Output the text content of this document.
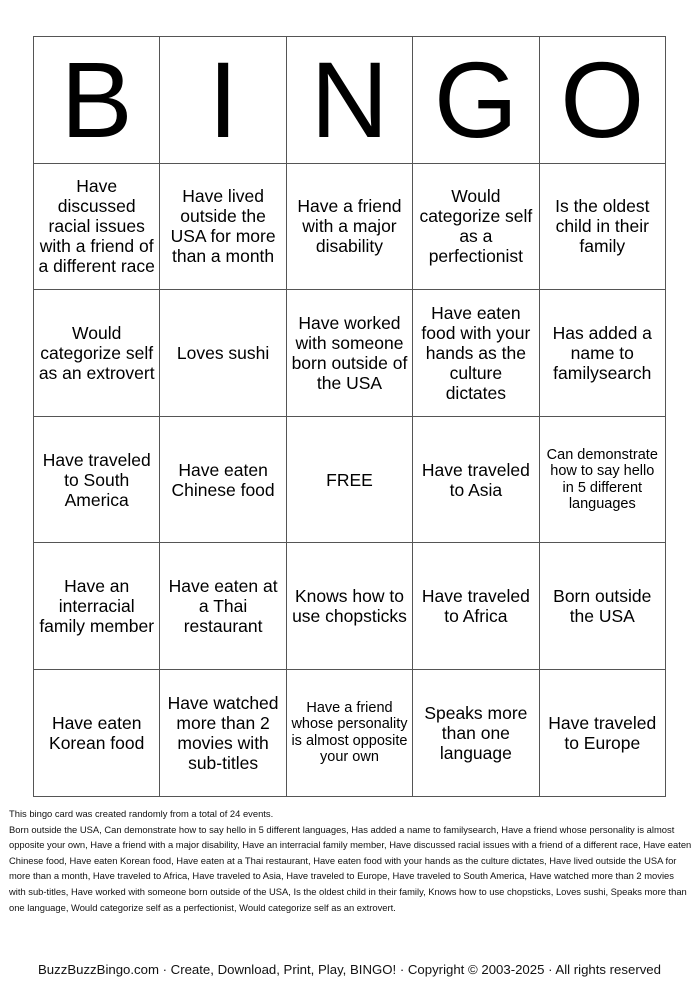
B	I	N	G	O
Have discussed racial issues with a friend of a different race	Have lived outside the USA for more than a month	Have a friend with a major disability	Would categorize self as a perfectionist	Is the oldest child in their family
Would categorize self as an extrovert	Loves sushi	Have worked with someone born outside of the USA	Have eaten food with your hands as the culture dictates	Has added a name to familysearch
Have traveled to South America	Have eaten Chinese food	FREE	Have traveled to Asia	Can demonstrate how to say hello in 5 different languages
Have an interracial family member	Have eaten at a Thai restaurant	Knows how to use chopsticks	Have traveled to Africa	Born outside the USA
Have eaten Korean food	Have watched more than 2 movies with sub-titles	Have a friend whose personality is almost opposite your own	Speaks more than one language	Have traveled to Europe
This bingo card was created randomly from a total of 24 events.
Born outside the USA, Can demonstrate how to say hello in 5 different languages, Has added a name to familysearch, Have a friend whose personality is almost opposite your own, Have a friend with a major disability, Have an interracial family member, Have discussed racial issues with a friend of a different race, Have eaten Chinese food, Have eaten Korean food, Have eaten at a Thai restaurant, Have eaten food with your hands as the culture dictates, Have lived outside the USA for more than a month, Have traveled to Africa, Have traveled to Asia, Have traveled to Europe, Have traveled to South America, Have watched more than 2 movies with sub-titles, Have worked with someone born outside of the USA, Is the oldest child in their family, Knows how to use chopsticks, Loves sushi, Speaks more than one language, Would categorize self as a perfectionist, Would categorize self as an extrovert.
BuzzBuzzBingo.com · Create, Download, Print, Play, BINGO! · Copyright © 2003-2025 · All rights reserved
